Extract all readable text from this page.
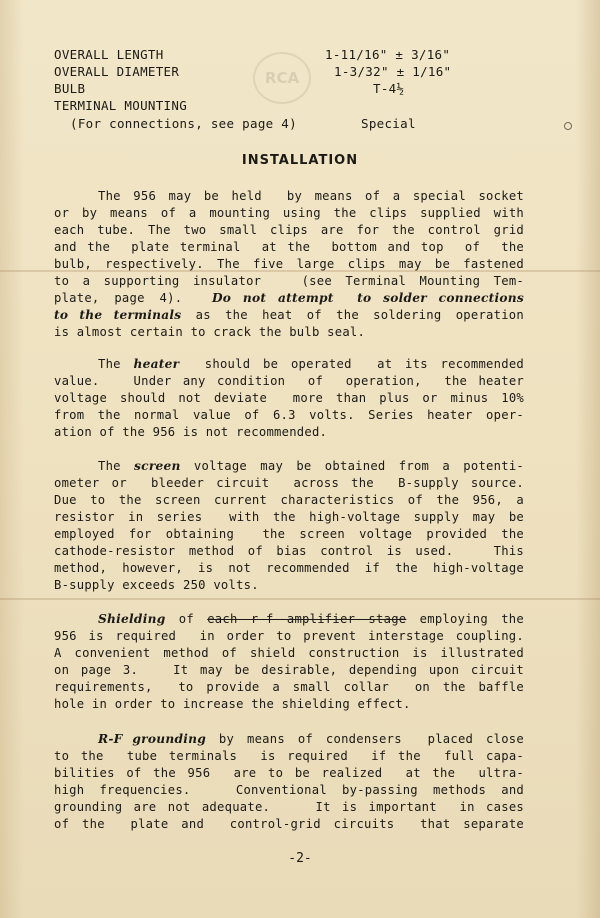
RCA
OVERALL LENGTH	1-11/16" ± 3/16"
OVERALL DIAMETER	1-3/32" ± 1/16"
BULB	T-4½
TERMINAL MOUNTING
(For connections, see page 4)	Special
INSTALLATION
The 956 may be held  by means of a special socket
or by means of a mounting using the clips supplied with
each tube. The two small clips are for the control grid
and the  plate terminal  at the  bottom and top  of  the
bulb, respectively. The five large clips may be fastened
to a supporting insulator   (see Terminal Mounting Tem-
plate, page 4).  Do not attempt  to solder connections
to the terminals as the heat of the soldering operation
is almost certain to crack the bulb seal.
The heater  should be operated  at its recommended
value.   Under any condition  of  operation,  the heater
voltage should not deviate  more than plus or minus 10%
from the normal value of 6.3 volts. Series heater oper-
ation of the 956 is not recommended.
The screen voltage may be obtained from a potenti-
ometer or  bleeder circuit  across the  B-supply source.
Due to the screen current characteristics of the 956, a
resistor in series  with the high-voltage supply may be
employed for obtaining  the screen voltage provided the
cathode-resistor method of bias control is used.   This
method, however, is not recommended if the high-voltage
B-supply exceeds 250 volts.
Shielding of each r-f amplifier stage employing the
956 is required  in order to prevent interstage coupling.
A convenient method of shield construction is illustrated
on page 3.   It may be desirable, depending upon circuit
requirements,  to provide a small collar  on the baffle
hole in order to increase the shielding effect.
R-F grounding by means of condensers  placed close
to the  tube terminals  is required  if the  full capa-
bilities of the 956  are to be realized  at the  ultra-
high frequencies.   Conventional by-passing methods and
grounding are not adequate.    It is important  in cases
of the  plate and  control-grid circuits  that separate
-2-
